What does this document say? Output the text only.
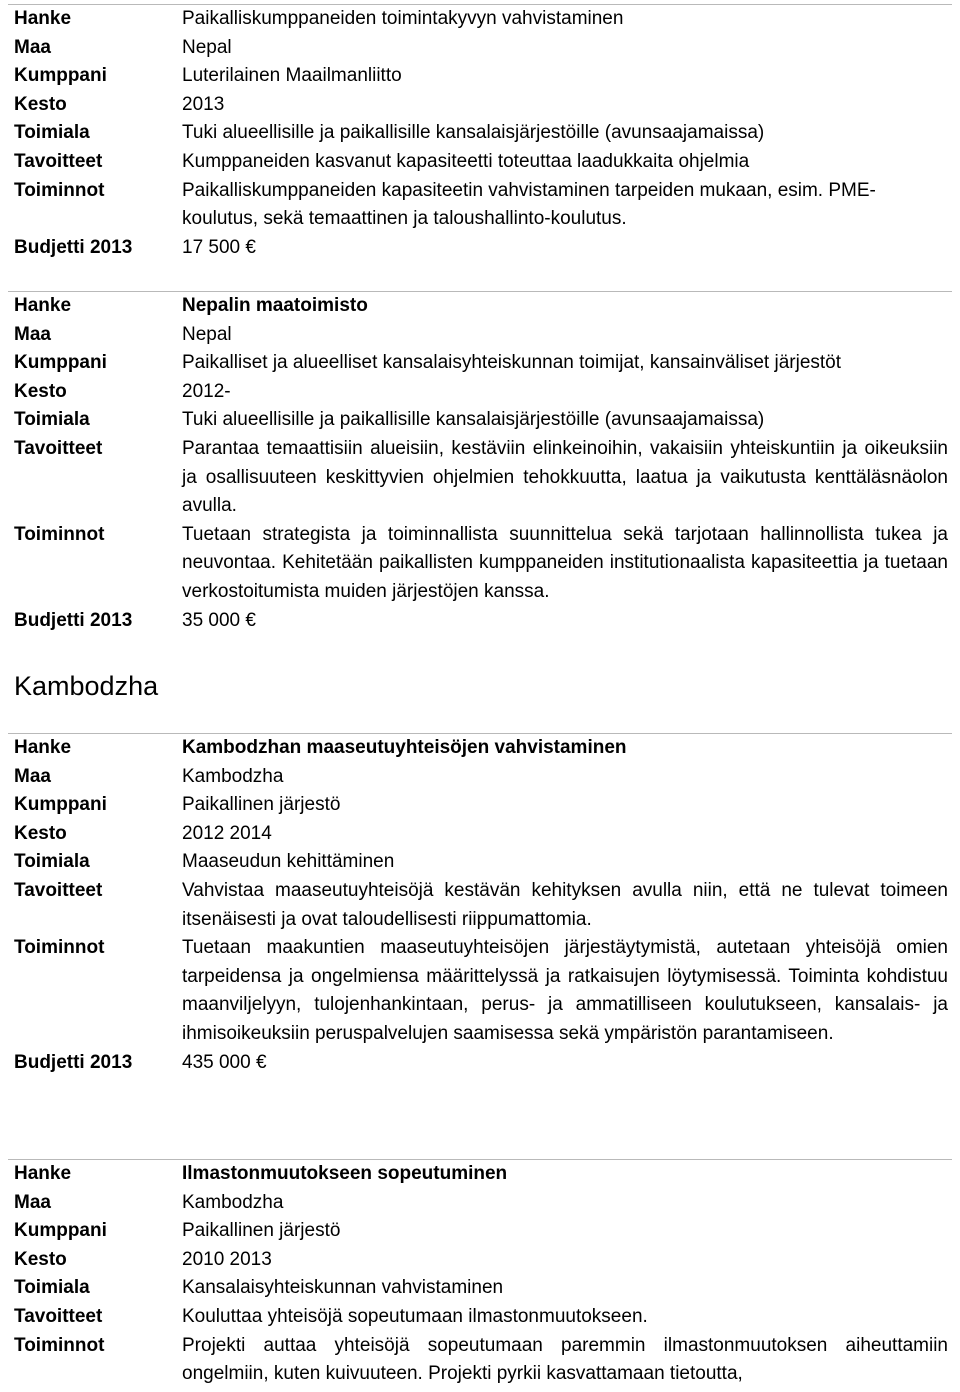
Hanke	Paikalliskumppaneiden toimintakyvyn vahvistaminen
Maa	Nepal
Kumppani	Luterilainen Maailmanliitto
Kesto	2013
Toimiala	Tuki alueellisille ja paikallisille kansalaisjärjestöille (avunsaajamaissa)
Tavoitteet	Kumppaneiden kasvanut kapasiteetti toteuttaa laadukkaita ohjelmia
Toiminnot	Paikalliskumppaneiden kapasiteetin vahvistaminen tarpeiden mukaan, esim. PME-koulutus, sekä temaattinen ja taloushallinto-koulutus.
Budjetti 2013	17 500 €
Hanke	Nepalin maatoimisto
Maa	Nepal
Kumppani	Paikalliset ja alueelliset kansalaisyhteiskunnan toimijat, kansainväliset järjestöt
Kesto	2012-
Toimiala	Tuki alueellisille ja paikallisille kansalaisjärjestöille (avunsaajamaissa)
Tavoitteet	Parantaa temaattisiin alueisiin, kestäviin elinkeinoihin, vakaisiin yhteiskuntiin ja oikeuksiin ja osallisuuteen keskittyvien ohjelmien tehokkuutta, laatua ja vaikutusta kenttäläsnäolon avulla.
Toiminnot	Tuetaan strategista ja toiminnallista suunnittelua sekä tarjotaan hallinnollista tukea ja neuvontaa. Kehitetään paikallisten kumppaneiden institutionaalista kapasiteettia ja tuetaan verkostoitumista muiden järjestöjen kanssa.
Budjetti 2013	35 000 €
Kambodzha
Hanke	Kambodzhan maaseutuyhteisöjen vahvistaminen
Maa	Kambodzha
Kumppani	Paikallinen järjestö
Kesto	2012 2014
Toimiala	Maaseudun kehittäminen
Tavoitteet	Vahvistaa maaseutuyhteisöjä kestävän kehityksen avulla niin, että ne tulevat toimeen itsenäisesti ja ovat taloudellisesti riippumattomia.
Toiminnot	Tuetaan maakuntien maaseutuyhteisöjen järjestäytymistä, autetaan yhteisöjä omien tarpeidensa ja ongelmiensa määrittelyssä ja ratkaisujen löytymisessä. Toiminta kohdistuu maanviljelyyn, tulojenhankintaan, perus- ja ammatilliseen koulutukseen, kansalais- ja ihmisoikeuksiin peruspalvelujen saamisessa sekä ympäristön parantamiseen.
Budjetti 2013	435 000 €
Hanke	Ilmastonmuutokseen sopeutuminen
Maa	Kambodzha
Kumppani	Paikallinen järjestö
Kesto	2010 2013
Toimiala	Kansalaisyhteiskunnan vahvistaminen
Tavoitteet	Kouluttaa yhteisöjä sopeutumaan ilmastonmuutokseen.
Toiminnot	Projekti auttaa yhteisöjä sopeutumaan paremmin ilmastonmuutoksen aiheuttamiin ongelmiin, kuten kuivuuteen. Projekti pyrkii kasvattamaan tietoutta,
